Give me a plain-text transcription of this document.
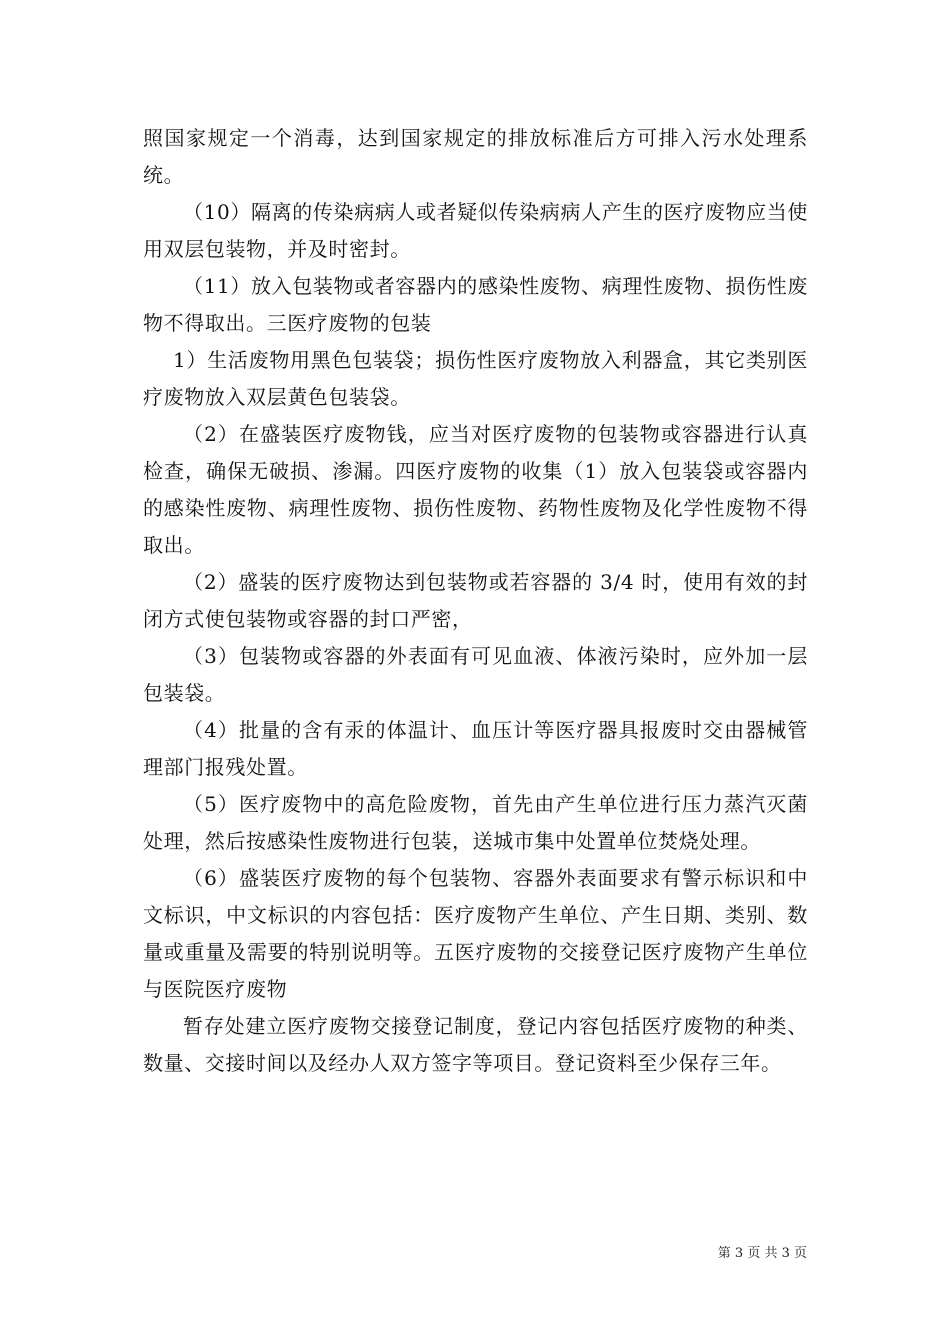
照国家规定一个消毒，达到国家规定的排放标准后方可排入污水处理系统。

（10）隔离的传染病病人或者疑似传染病病人产生的医疗废物应当使用双层包装物，并及时密封。

（11）放入包装物或者容器内的感染性废物、病理性废物、损伤性废物不得取出。三医疗废物的包装

1）生活废物用黑色包装袋；损伤性医疗废物放入利器盒，其它类别医疗废物放入双层黄色包装袋。

（2）在盛装医疗废物钱，应当对医疗废物的包装物或容器进行认真检查，确保无破损、渗漏。四医疗废物的收集（1）放入包装袋或容器内的感染性废物、病理性废物、损伤性废物、药物性废物及化学性废物不得取出。

（2）盛装的医疗废物达到包装物或若容器的 3/4 时，使用有效的封闭方式使包装物或容器的封口严密，

（3）包装物或容器的外表面有可见血液、体液污染时，应外加一层包装袋。

（4）批量的含有汞的体温计、血压计等医疗器具报废时交由器械管理部门报残处置。

（5）医疗废物中的高危险废物，首先由产生单位进行压力蒸汽灭菌处理，然后按感染性废物进行包装，送城市集中处置单位焚烧处理。

（6）盛装医疗废物的每个包装物、容器外表面要求有警示标识和中文标识，中文标识的内容包括：医疗废物产生单位、产生日期、类别、数量或重量及需要的特别说明等。五医疗废物的交接登记医疗废物产生单位与医院医疗废物

暂存处建立医疗废物交接登记制度，登记内容包括医疗废物的种类、数量、交接时间以及经办人双方签字等项目。登记资料至少保存三年。

第 3 页 共 3 页
